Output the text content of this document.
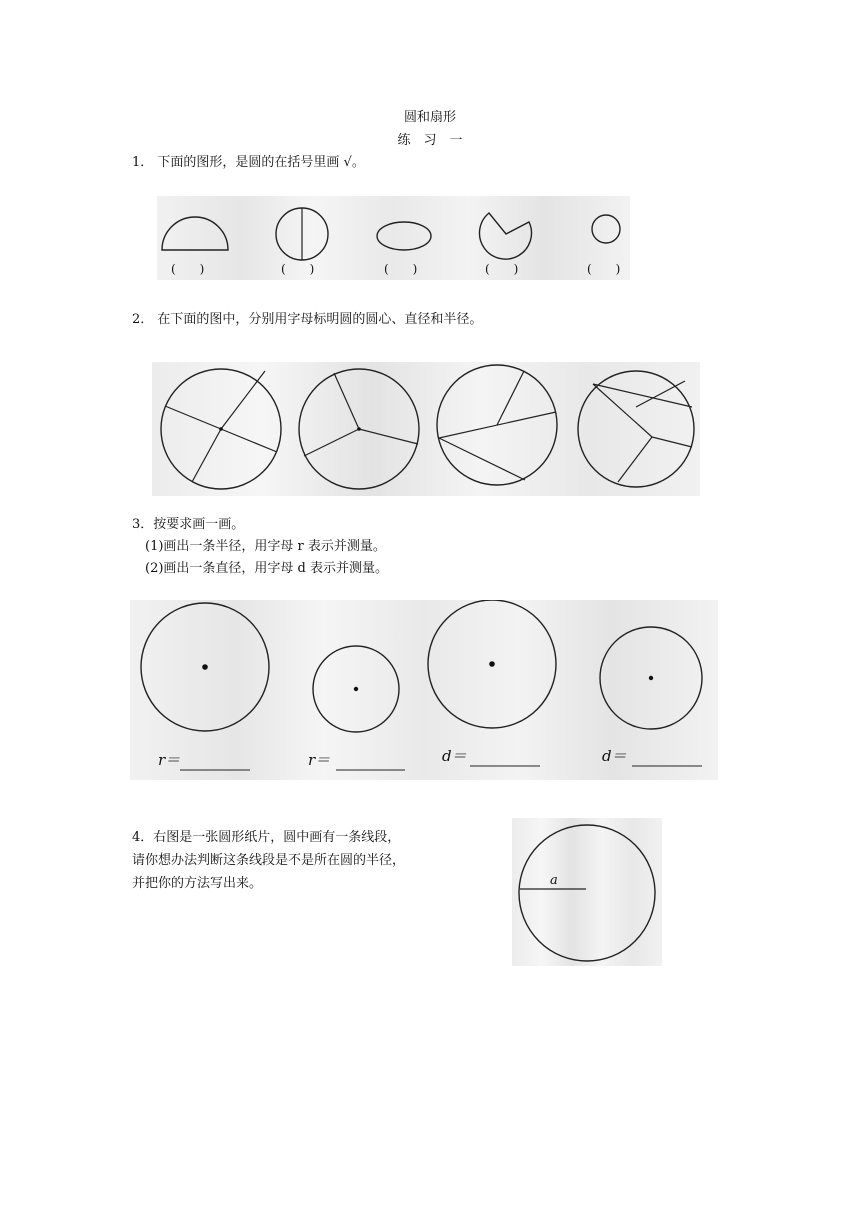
圆和扇形
练　习　一
1． 下面的图形，是圆的在括号里画 √。
(　　)	(　　)	(　　)	(　　)	(　　)
2． 在下面的图中，分别用字母标明圆的圆心、直径和半径。
3．按要求画一画。
(1)画出一条半径，用字母 r 表示并测量。
(2)画出一条直径，用字母 d 表示并测量。
r＝	r＝	d＝	d＝
4．右图是一张圆形纸片，圆中画有一条线段，
请你想办法判断这条线段是不是所在圆的半径，
并把你的方法写出来。	a
